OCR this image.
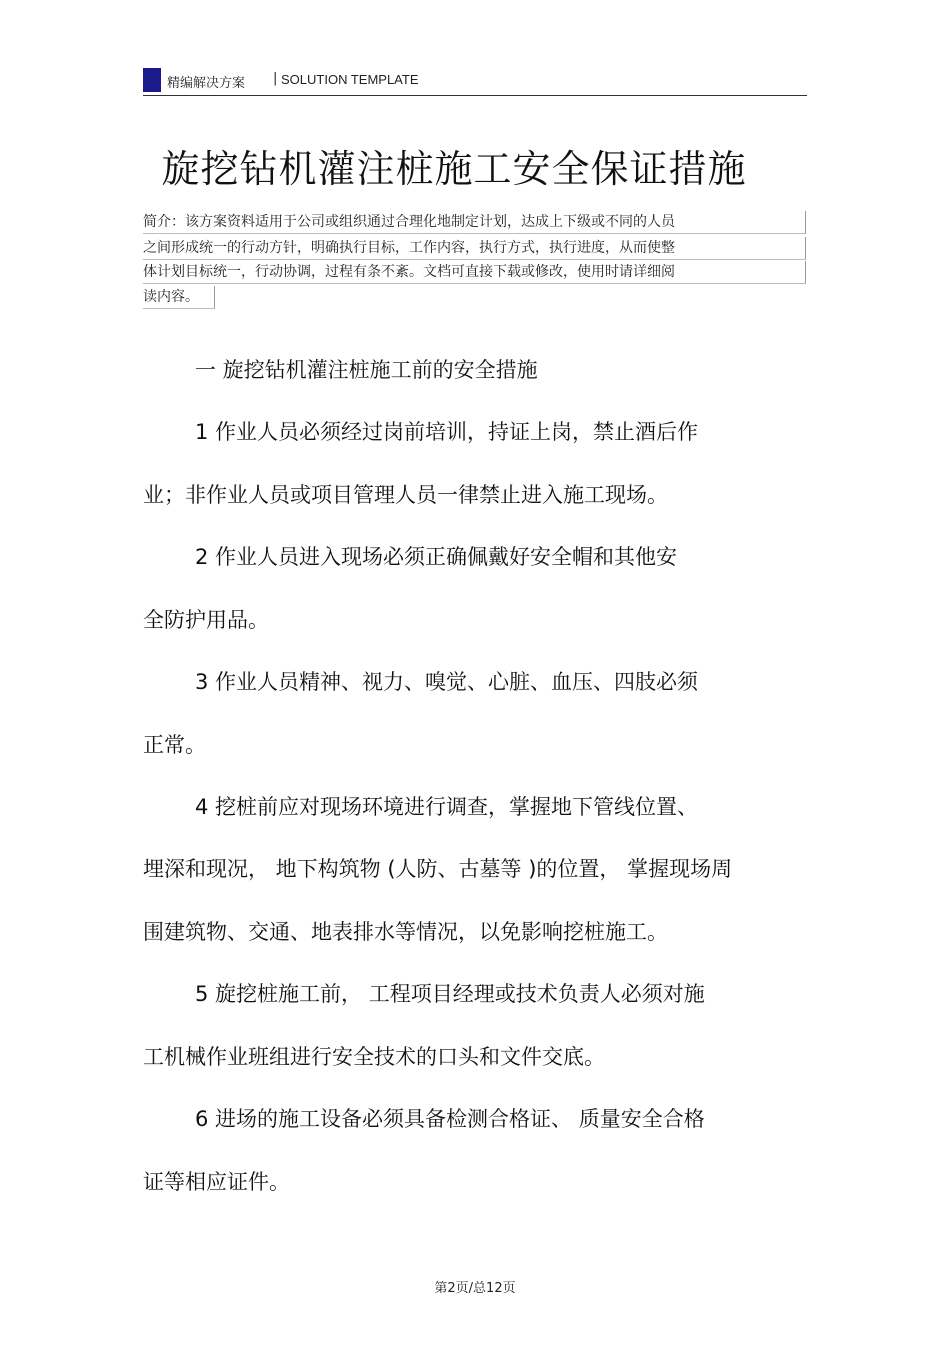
精编解决方案 | SOLUTION TEMPLATE
旋挖钻机灌注桩施工安全保证措施
简介：该方案资料适用于公司或组织通过合理化地制定计划，达成上下级或不同的人员
之间形成统一的行动方针，明确执行目标，工作内容，执行方式，执行进度，从而使整
体计划目标统一，行动协调，过程有条不紊。文档可直接下载或修改，使用时请详细阅
读内容。
一 旋挖钻机灌注桩施工前的安全措施
1 作业人员必须经过岗前培训，持证上岗，禁止酒后作
业；非作业人员或项目管理人员一律禁止进入施工现场。
2 作业人员进入现场必须正确佩戴好安全帽和其他安
全防护用品。
3 作业人员精神、视力、嗅觉、心脏、血压、四肢必须
正常。
4 挖桩前应对现场环境进行调查，掌握地下管线位置、
埋深和现况， 地下构筑物 (人防、古墓等 )的位置， 掌握现场周
围建筑物、交通、地表排水等情况，以免影响挖桩施工。
5 旋挖桩施工前， 工程项目经理或技术负责人必须对施
工机械作业班组进行安全技术的口头和文件交底。
6 进场的施工设备必须具备检测合格证、 质量安全合格
证等相应证件。
第2页/总12页
